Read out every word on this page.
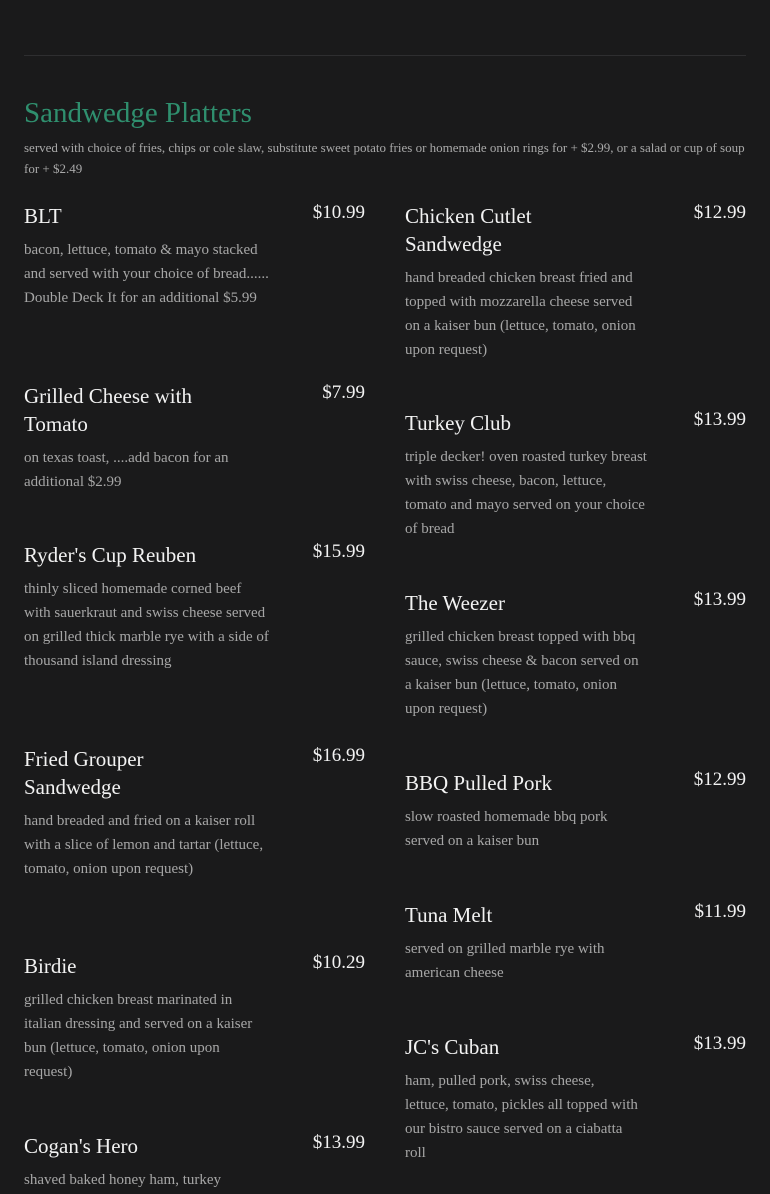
Sandwedge Platters

served with choice of fries, chips or cole slaw, substitute sweet potato fries or homemade onion rings for + $2.99, or a salad or cup of soup for + $2.49

BLT	$10.99
bacon, lettuce, tomato & mayo stacked and served with your choice of bread...... Double Deck It for an additional $5.99
Grilled Cheese with Tomato
$7.99
on texas toast, ....add bacon for an additional $2.99
Ryder's Cup Reuben	$15.99
thinly sliced homemade corned beef with sauerkraut and swiss cheese served on grilled thick marble rye with a side of thousand island dressing
Fried Grouper Sandwedge
$16.99
hand breaded and fried on a kaiser roll with a slice of lemon and tartar (lettuce, tomato, onion upon request)
Birdie	$10.29
grilled chicken breast marinated in italian dressing and served on a kaiser bun (lettuce, tomato, onion upon request)
Cogan's Hero	$13.99
shaved baked honey ham, turkey
Chicken Cutlet Sandwedge
$12.99
hand breaded chicken breast fried and topped with mozzarella cheese served on a kaiser bun (lettuce, tomato, onion upon request)
Turkey Club	$13.99
triple decker! oven roasted turkey breast with swiss cheese, bacon, lettuce, tomato and mayo served on your choice of bread
The Weezer	$13.99
grilled chicken breast topped with bbq sauce, swiss cheese & bacon served on a kaiser bun (lettuce, tomato, onion upon request)
BBQ Pulled Pork	$12.99
slow roasted homemade bbq pork served on a kaiser bun
Tuna Melt	$11.99
served on grilled marble rye with american cheese
JC's Cuban	$13.99
ham, pulled pork, swiss cheese, lettuce, tomato, pickles all topped with our bistro sauce served on a ciabatta roll
